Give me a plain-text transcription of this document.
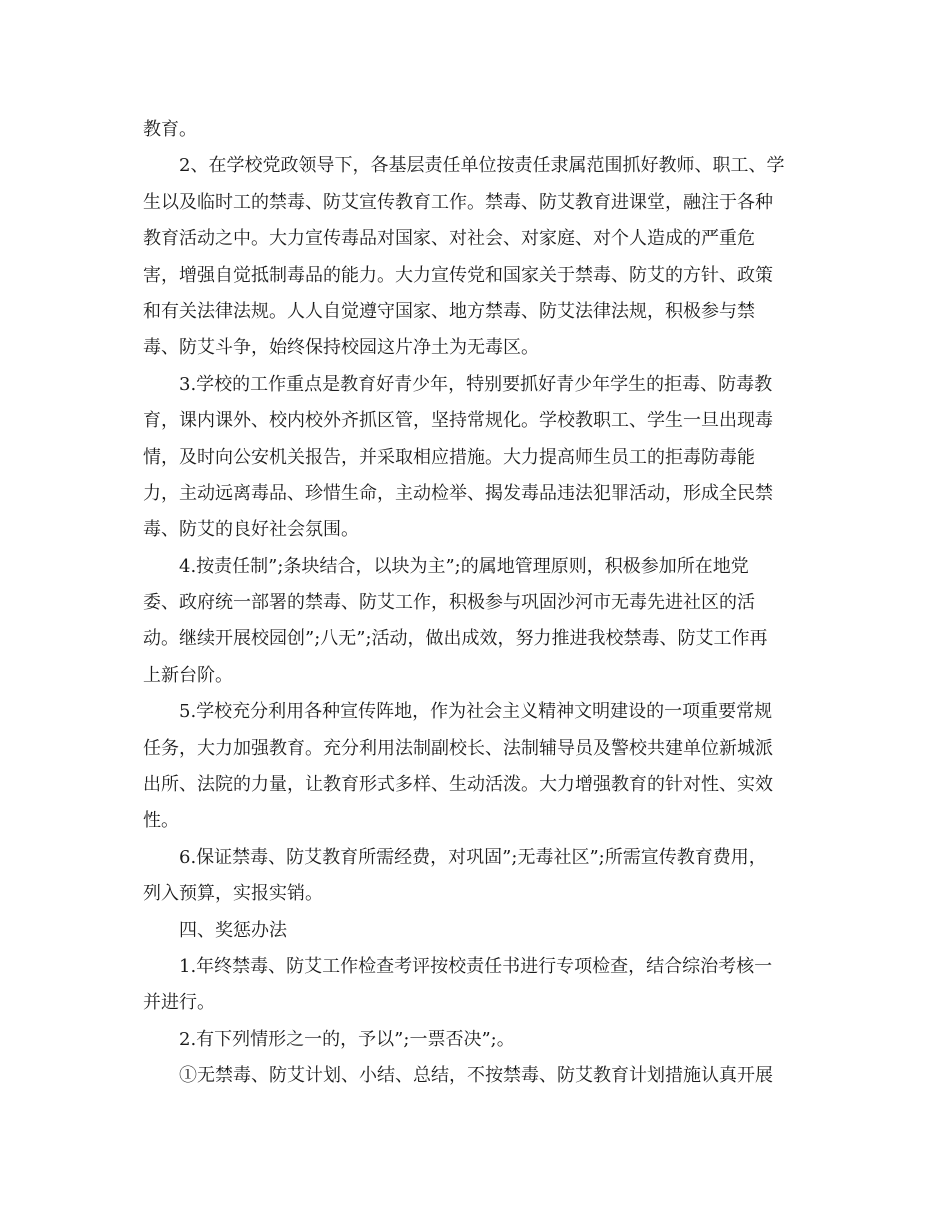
教育。
2、在学校党政领导下，各基层责任单位按责任隶属范围抓好教师、职工、学
生以及临时工的禁毒、防艾宣传教育工作。禁毒、防艾教育进课堂，融注于各种
教育活动之中。大力宣传毒品对国家、对社会、对家庭、对个人造成的严重危
害，增强自觉抵制毒品的能力。大力宣传党和国家关于禁毒、防艾的方针、政策
和有关法律法规。人人自觉遵守国家、地方禁毒、防艾法律法规，积极参与禁
毒、防艾斗争，始终保持校园这片净土为无毒区。
3.学校的工作重点是教育好青少年，特别要抓好青少年学生的拒毒、防毒教
育，课内课外、校内校外齐抓区管，坚持常规化。学校教职工、学生一旦出现毒
情，及时向公安机关报告，并采取相应措施。大力提高师生员工的拒毒防毒能
力，主动远离毒品、珍惜生命，主动检举、揭发毒品违法犯罪活动，形成全民禁
毒、防艾的良好社会氛围。
4.按责任制”;条块结合，以块为主”;的属地管理原则，积极参加所在地党
委、政府统一部署的禁毒、防艾工作，积极参与巩固沙河市无毒先进社区的活
动。继续开展校园创”;八无”;活动，做出成效，努力推进我校禁毒、防艾工作再
上新台阶。
5.学校充分利用各种宣传阵地，作为社会主义精神文明建设的一项重要常规
任务，大力加强教育。充分利用法制副校长、法制辅导员及警校共建单位新城派
出所、法院的力量，让教育形式多样、生动活泼。大力增强教育的针对性、实效
性。
6.保证禁毒、防艾教育所需经费，对巩固”;无毒社区”;所需宣传教育费用，
列入预算，实报实销。
四、奖惩办法
1.年终禁毒、防艾工作检查考评按校责任书进行专项检查，结合综治考核一
并进行。
2.有下列情形之一的，予以”;一票否决”;。
①无禁毒、防艾计划、小结、总结，不按禁毒、防艾教育计划措施认真开展
